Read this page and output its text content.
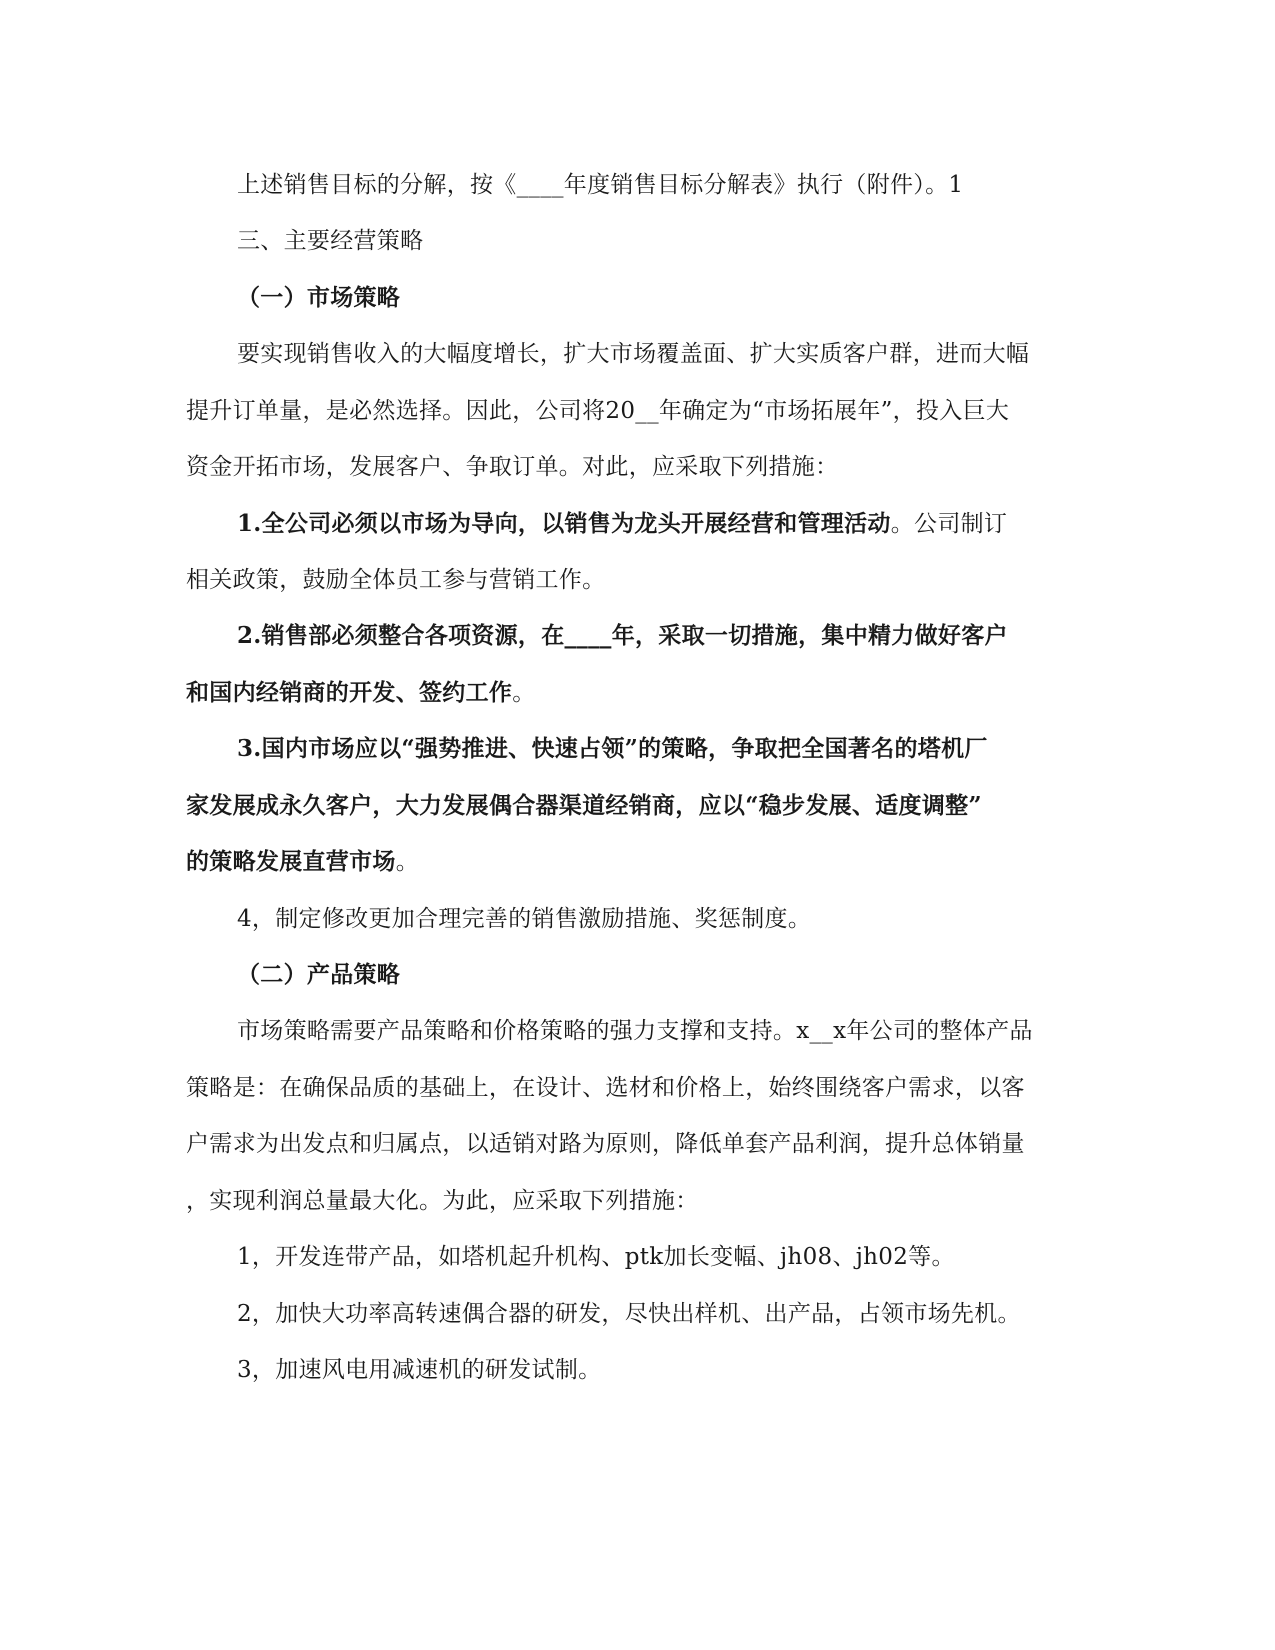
上述销售目标的分解，按《____年度销售目标分解表》执行（附件）。1
三、主要经营策略
（一）市场策略
要实现销售收入的大幅度增长，扩大市场覆盖面、扩大实质客户群，进而大幅
提升订单量，是必然选择。因此，公司将20__年确定为“市场拓展年”，投入巨大
资金开拓市场，发展客户、争取订单。对此，应采取下列措施：
1.全公司必须以市场为导向，以销售为龙头开展经营和管理活动。公司制订
相关政策，鼓励全体员工参与营销工作。
2.销售部必须整合各项资源，在____年，采取一切措施，集中精力做好客户
和国内经销商的开发、签约工作。
3.国内市场应以“强势推进、快速占领”的策略，争取把全国著名的塔机厂
家发展成永久客户，大力发展偶合器渠道经销商，应以“稳步发展、适度调整”
的策略发展直营市场。
4，制定修改更加合理完善的销售激励措施、奖惩制度。
（二）产品策略
市场策略需要产品策略和价格策略的强力支撑和支持。x__x年公司的整体产品
策略是：在确保品质的基础上，在设计、选材和价格上，始终围绕客户需求，以客
户需求为出发点和归属点，以适销对路为原则，降低单套产品利润，提升总体销量
，实现利润总量最大化。为此，应采取下列措施：
1，开发连带产品，如塔机起升机构、ptk加长变幅、jh08、jh02等。
2，加快大功率高转速偶合器的研发，尽快出样机、出产品，占领市场先机。
3，加速风电用减速机的研发试制。
